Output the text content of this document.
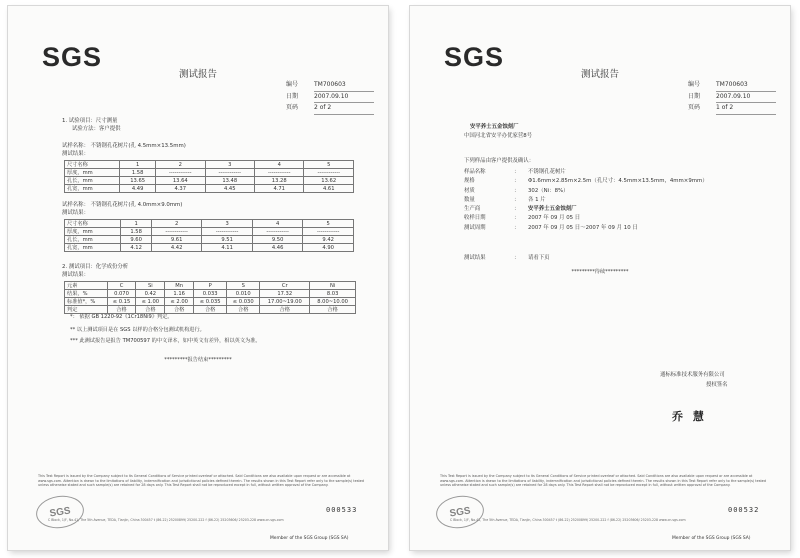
SGS
测试报告
编号	TM700603
日期	2007.09.10
页码	2 of 2
1. 试验项目：尺寸测量
试验方法：客户提供
试样名称： 不锈钢孔花树片(孔 4.5mm×13.5mm)
测试结果：
尺寸名称	1	2	3	4	5
厚度，mm	1.58	------------	------------	------------	------------
孔长，mm	13.65	13.64	13.48	13.28	13.62
孔宽，mm	4.49	4.37	4.45	4.71	4.61
试样名称： 不锈钢孔花树片(孔 4.0mm×9.0mm)
测试结果：
尺寸名称	1	2	3	4	5
厚度，mm	1.58	------------	------------	------------	------------
孔长，mm	9.60	9.61	9.51	9.50	9.42
孔宽，mm	4.12	4.42	4.11	4.46	4.90
2. 测试项目：化学成份分析
测试结果：
元素	C	Si	Mn	P	S	Cr	Ni
结果，%	0.070	0.42	1.16	0.033	0.010	17.32	8.03
标准值*，%	≤ 0.15	≤ 1.00	≤ 2.00	≤ 0.035	≤ 0.030	17.00~19.00	8.00~10.00
判定	合格	合格	合格	合格	合格	合格	合格
*： 依据 GB 1220-92《1Cr18Ni9》判定。
** 以上测试项目是在 SGS 以样的合格分包测试机构进行。
*** 此测试报告是报告 TM700597 的中文译本，如中英文有差异，相以英文为准。
*********报告结束*********

This Test Report is issued by the Company subject to its General Conditions of Service printed overleaf or attached. Said Conditions are also available upon request or are accessible at www.sgs.com. Attention is drawn to the limitations of liability, indemnification and jurisdictional policies defined therein. The results shown in this Test Report refer only to the sample(s) tested unless otherwise stated and such sample(s) are retained for 28 days only. This Test Report shall not be reproduced except in full, without written approval of the Company.

SGS	000533
C Block, 1/F, No.41, The 5th Avenue, TEDA, Tianjin, China 300457 t (86-22) 25200899/ 25200-222 f (86-22) 25203606/ 25203-228 www.cn.sgs.com
Member of the SGS Group (SGS SA)
SGS
测试报告
编号	TM700603
日期	2007.09.10
页码	1 of 2
安平养士五金蚀刻厂
中国河北省安平办优家营8号
下列样品由客户提供及确认：
样品名称	：	不锈钢孔花树片
规格	：	Φ1.6mm×2.85m×2.5m（孔尺寸：4.5mm×13.5mm，4mm×9mm）
材质	：	302（Ni：8%）
数量	：	各 1 片
生产商	：	安平养士五金蚀刻厂
收样日期	：	2007 年 09 月 05 日
测试周期	：	2007 年 09 月 05 日～2007 年 09 月 10 日
测试结果	：	请看下页
*********待续*********
通标标准技术服务有限公司
授权签名
乔 慧

This Test Report is issued by the Company subject to its General Conditions of Service printed overleaf or attached. Said Conditions are also available upon request or are accessible at www.sgs.com. Attention is drawn to the limitations of liability, indemnification and jurisdictional policies defined therein. The results shown in this Test Report refer only to the sample(s) tested unless otherwise stated and such sample(s) are retained for 28 days only. This Test Report shall not be reproduced except in full, without written approval of the Company.

SGS	000532
C Block, 1/F, No.41, The 5th Avenue, TEDA, Tianjin, China 300457 t (86-22) 25200899/ 25200-222 f (86-22) 25203606/ 25203-228 www.cn.sgs.com
Member of the SGS Group (SGS SA)
